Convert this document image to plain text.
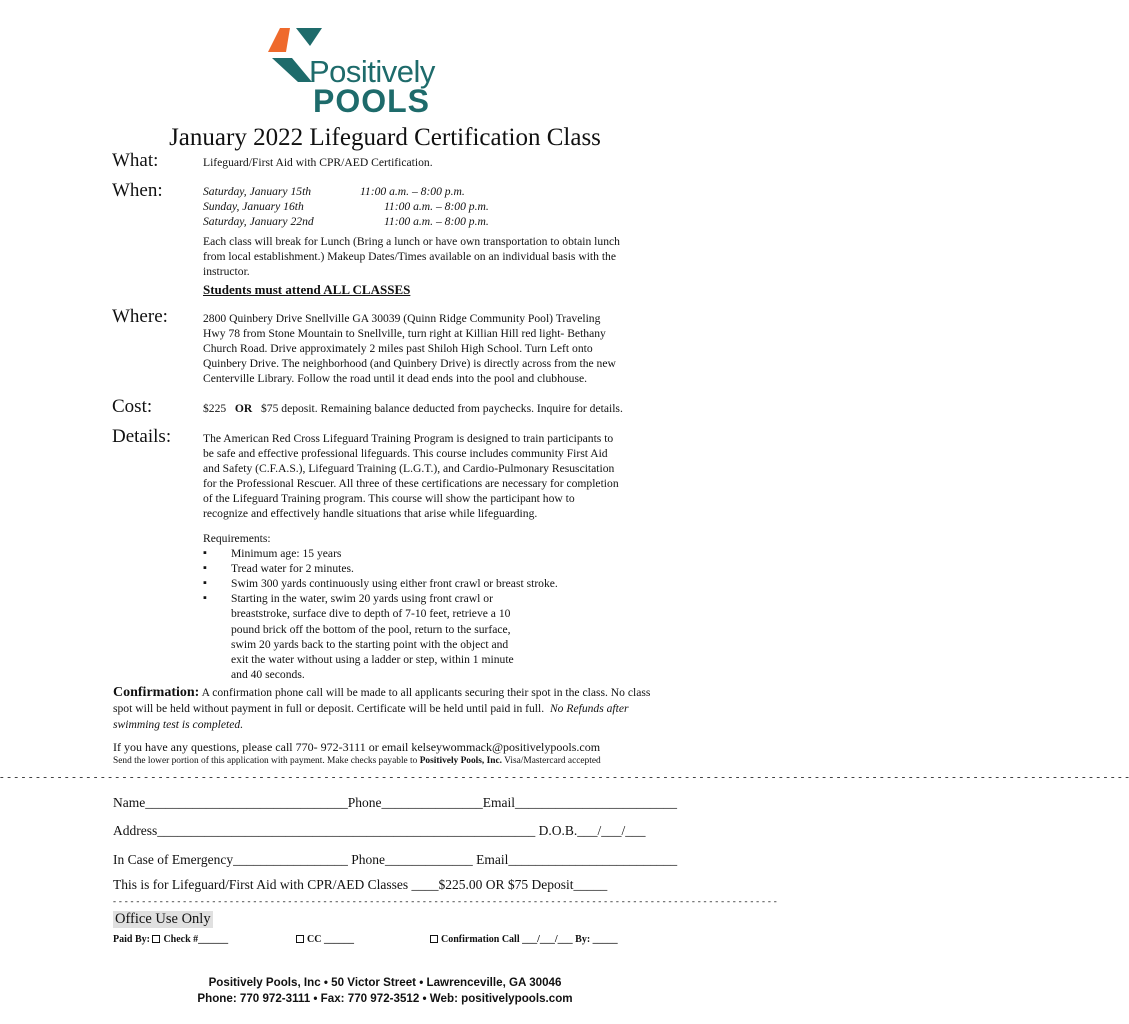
Positively
POOLS
January 2022 Lifeguard Certification Class
What:	Lifeguard/First Aid with CPR/AED Certification.
When:	Saturday, January 15th	11:00 a.m. – 8:00 p.m.
Sunday, January 16th	11:00 a.m. – 8:00 p.m.
Saturday, January 22nd	11:00 a.m. – 8:00 p.m.
Each class will break for Lunch (Bring a lunch or have own transportation to obtain lunch
from local establishment.) Makeup Dates/Times available on an individual basis with the
instructor.
Students must attend ALL CLASSES
Where:	2800 Quinbery Drive Snellville GA 30039 (Quinn Ridge Community Pool) Traveling
Hwy 78 from Stone Mountain to Snellville, turn right at Killian Hill red light- Bethany
Church Road. Drive approximately 2 miles past Shiloh High School. Turn Left onto
Quinbery Drive. The neighborhood (and Quinbery Drive) is directly across from the new
Centerville Library. Follow the road until it dead ends into the pool and clubhouse.
Cost:	$225 OR $75 deposit. Remaining balance deducted from paychecks. Inquire for details.
Details:	The American Red Cross Lifeguard Training Program is designed to train participants to
be safe and effective professional lifeguards. This course includes community First Aid
and Safety (C.F.A.S.), Lifeguard Training (L.G.T.), and Cardio-Pulmonary Resuscitation
for the Professional Rescuer. All three of these certifications are necessary for completion
of the Lifeguard Training program. This course will show the participant how to
recognize and effectively handle situations that arise while lifeguarding.
Requirements:
▪ Minimum age: 15 years
▪ Tread water for 2 minutes.
▪ Swim 300 yards continuously using either front crawl or breast stroke.
▪ Starting in the water, swim 20 yards using front crawl or
breaststroke, surface dive to depth of 7-10 feet, retrieve a 10
pound brick off the bottom of the pool, return to the surface,
swim 20 yards back to the starting point with the object and
exit the water without using a ladder or step, within 1 minute
and 40 seconds.
Confirmation: A confirmation phone call will be made to all applicants securing their spot in the class. No class
spot will be held without payment in full or deposit. Certificate will be held until paid in full. No Refunds after
swimming test is completed.
If you have any questions, please call 770- 972-3111 or email kelseywommack@positivelypools.com
Send the lower portion of this application with payment. Make checks payable to Positively Pools, Inc. Visa/Mastercard accepted
- - - - - - - - - - - - - - - - - - - - - - - - - - - - - - - - - - - - - - - - - - - - - - - - - - - - - - - - - - - - - - - - - - - - - - - - - - - - - - - - - - - - - - - - - - - - - - - - - - - - - - - - - - - - - - - - - - - - - - - - - - - - - - - - - - - - - - - - - - - - - - - - - - - - - - - - - - - - -
Name______________________________Phone_______________Email________________________
Address________________________________________________________ D.O.B.___/___/___
In Case of Emergency_________________ Phone_____________ Email_________________________
This is for Lifeguard/First Aid with CPR/AED Classes ____$225.00 OR $75 Deposit_____
- - - - - - - - - - - - - - - - - - - - - - - - - - - - - - - - - - - - - - - - - - - - - - - - - - - - - - - - - - - - - - - - - - - - - - - - - - - - - - - - - - - - - - - - - - - - - - - - - - - - - - - - - - - - - - - - - -
Office Use Only
Paid By: Check #______	CC ______	Confirmation Call ___/___/___ By: _____
Positively Pools, Inc • 50 Victor Street • Lawrenceville, GA 30046
Phone: 770 972-3111 • Fax: 770 972-3512 • Web: positivelypools.com
